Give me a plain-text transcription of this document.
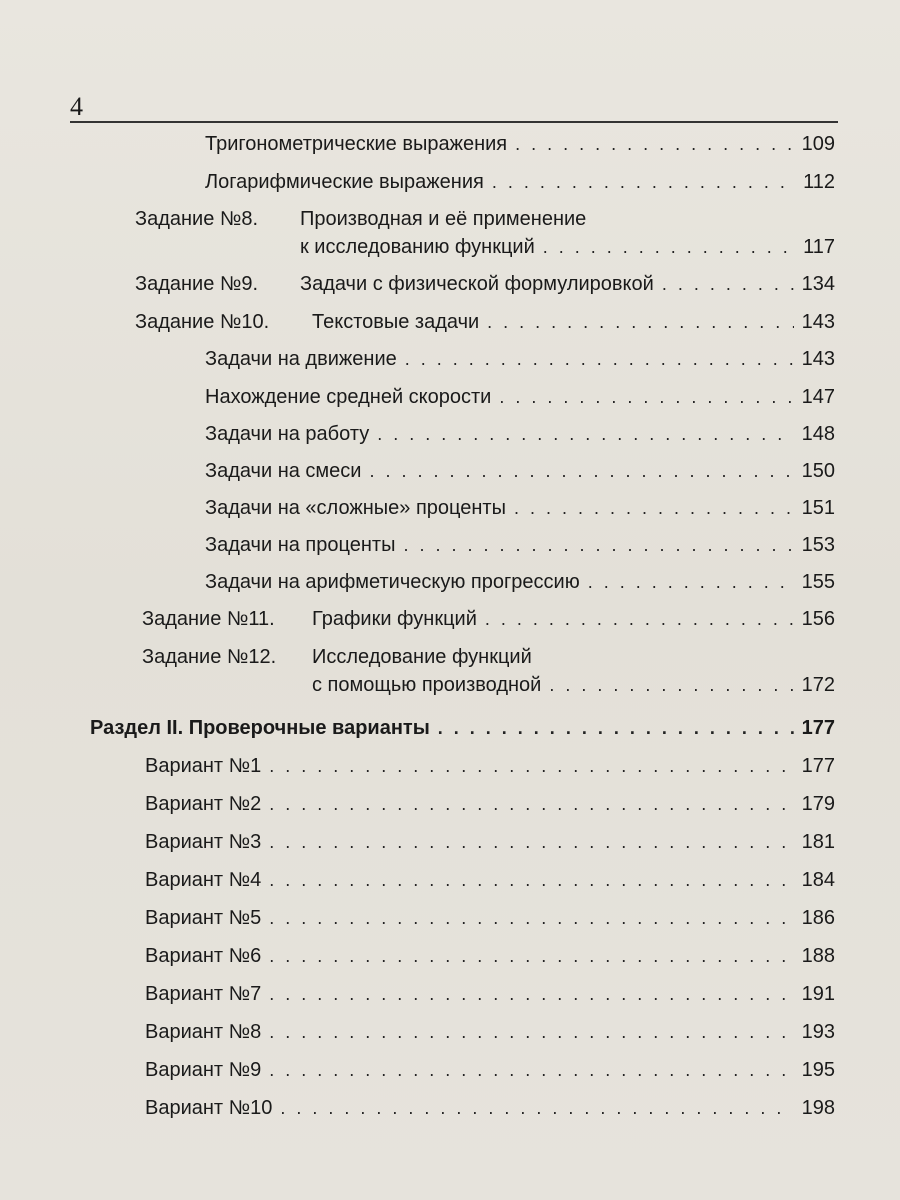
4
Тригонометрические выражения . . .	109
Логарифмические выражения . . .	112
Задание №8. Производная и её применение
к исследованию функций . . .	117
Задание №9. Задачи с физической формулировкой . . .	134
Задание №10. Текстовые задачи . . .	143
Задачи на движение . . .	143
Нахождение средней скорости . . .	147
Задачи на работу . . .	148
Задачи на смеси . . .	150
Задачи на «сложные» проценты . . .	151
Задачи на проценты . . .	153
Задачи на арифметическую прогрессию . . .	155
Задание №11. Графики функций . . .	156
Задание №12. Исследование функций
с помощью производной . . .	172
Раздел II. Проверочные варианты . . .	177
Вариант №1 . . .	177
Вариант №2 . . .	179
Вариант №3 . . .	181
Вариант №4 . . .	184
Вариант №5 . . .	186
Вариант №6 . . .	188
Вариант №7 . . .	191
Вариант №8 . . .	193
Вариант №9 . . .	195
Вариант №10 . . .	198
